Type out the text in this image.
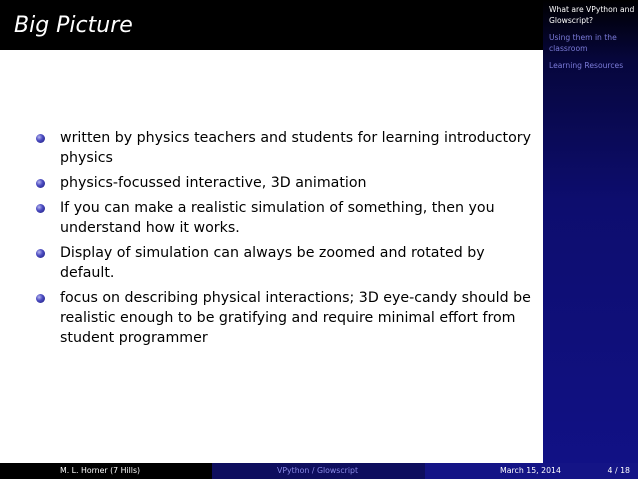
Big Picture
What are VPython and Glowscript?
Using them in the classroom
Learning Resources
written by physics teachers and students for learning introductory physics
physics-focussed interactive, 3D animation
If you can make a realistic simulation of something, then you understand how it works.
Display of simulation can always be zoomed and rotated by default.
focus on describing physical interactions; 3D eye-candy should be realistic enough to be gratifying and require minimal effort from student programmer
M. L. Horner (7 Hills)	VPython / Glowscript	March 15, 2014	4 / 18
